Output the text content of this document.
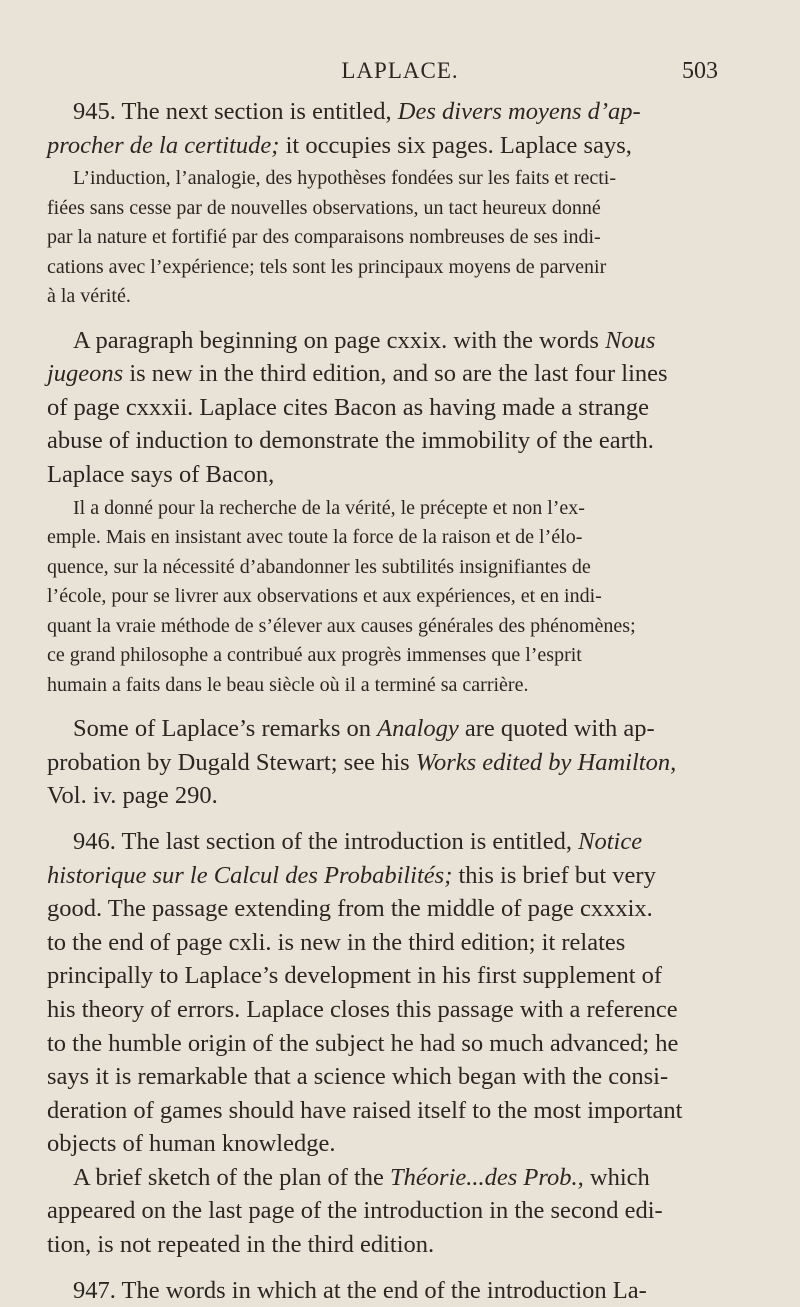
LAPLACE.	503
945. The next section is entitled, Des divers moyens d’ap-
procher de la certitude; it occupies six pages. Laplace says,
L’induction, l’analogie, des hypothèses fondées sur les faits et recti-
fiées sans cesse par de nouvelles observations, un tact heureux donné
par la nature et fortifié par des comparaisons nombreuses de ses indi-
cations avec l’expérience; tels sont les principaux moyens de parvenir
à la vérité.
A paragraph beginning on page cxxix. with the words Nous
jugeons is new in the third edition, and so are the last four lines
of page cxxxii. Laplace cites Bacon as having made a strange
abuse of induction to demonstrate the immobility of the earth.
Laplace says of Bacon,
Il a donné pour la recherche de la vérité, le précepte et non l’ex-
emple. Mais en insistant avec toute la force de la raison et de l’élo-
quence, sur la nécessité d’abandonner les subtilités insignifiantes de
l’école, pour se livrer aux observations et aux expériences, et en indi-
quant la vraie méthode de s’élever aux causes générales des phénomènes;
ce grand philosophe a contribué aux progrès immenses que l’esprit
humain a faits dans le beau siècle où il a terminé sa carrière.
Some of Laplace’s remarks on Analogy are quoted with ap-
probation by Dugald Stewart; see his Works edited by Hamilton,
Vol. iv. page 290.
946. The last section of the introduction is entitled, Notice
historique sur le Calcul des Probabilités; this is brief but very
good. The passage extending from the middle of page cxxxix.
to the end of page cxli. is new in the third edition; it relates
principally to Laplace’s development in his first supplement of
his theory of errors. Laplace closes this passage with a reference
to the humble origin of the subject he had so much advanced; he
says it is remarkable that a science which began with the consi-
deration of games should have raised itself to the most important
objects of human knowledge.
A brief sketch of the plan of the Théorie...des Prob., which
appeared on the last page of the introduction in the second edi-
tion, is not repeated in the third edition.
947. The words in which at the end of the introduction La-
